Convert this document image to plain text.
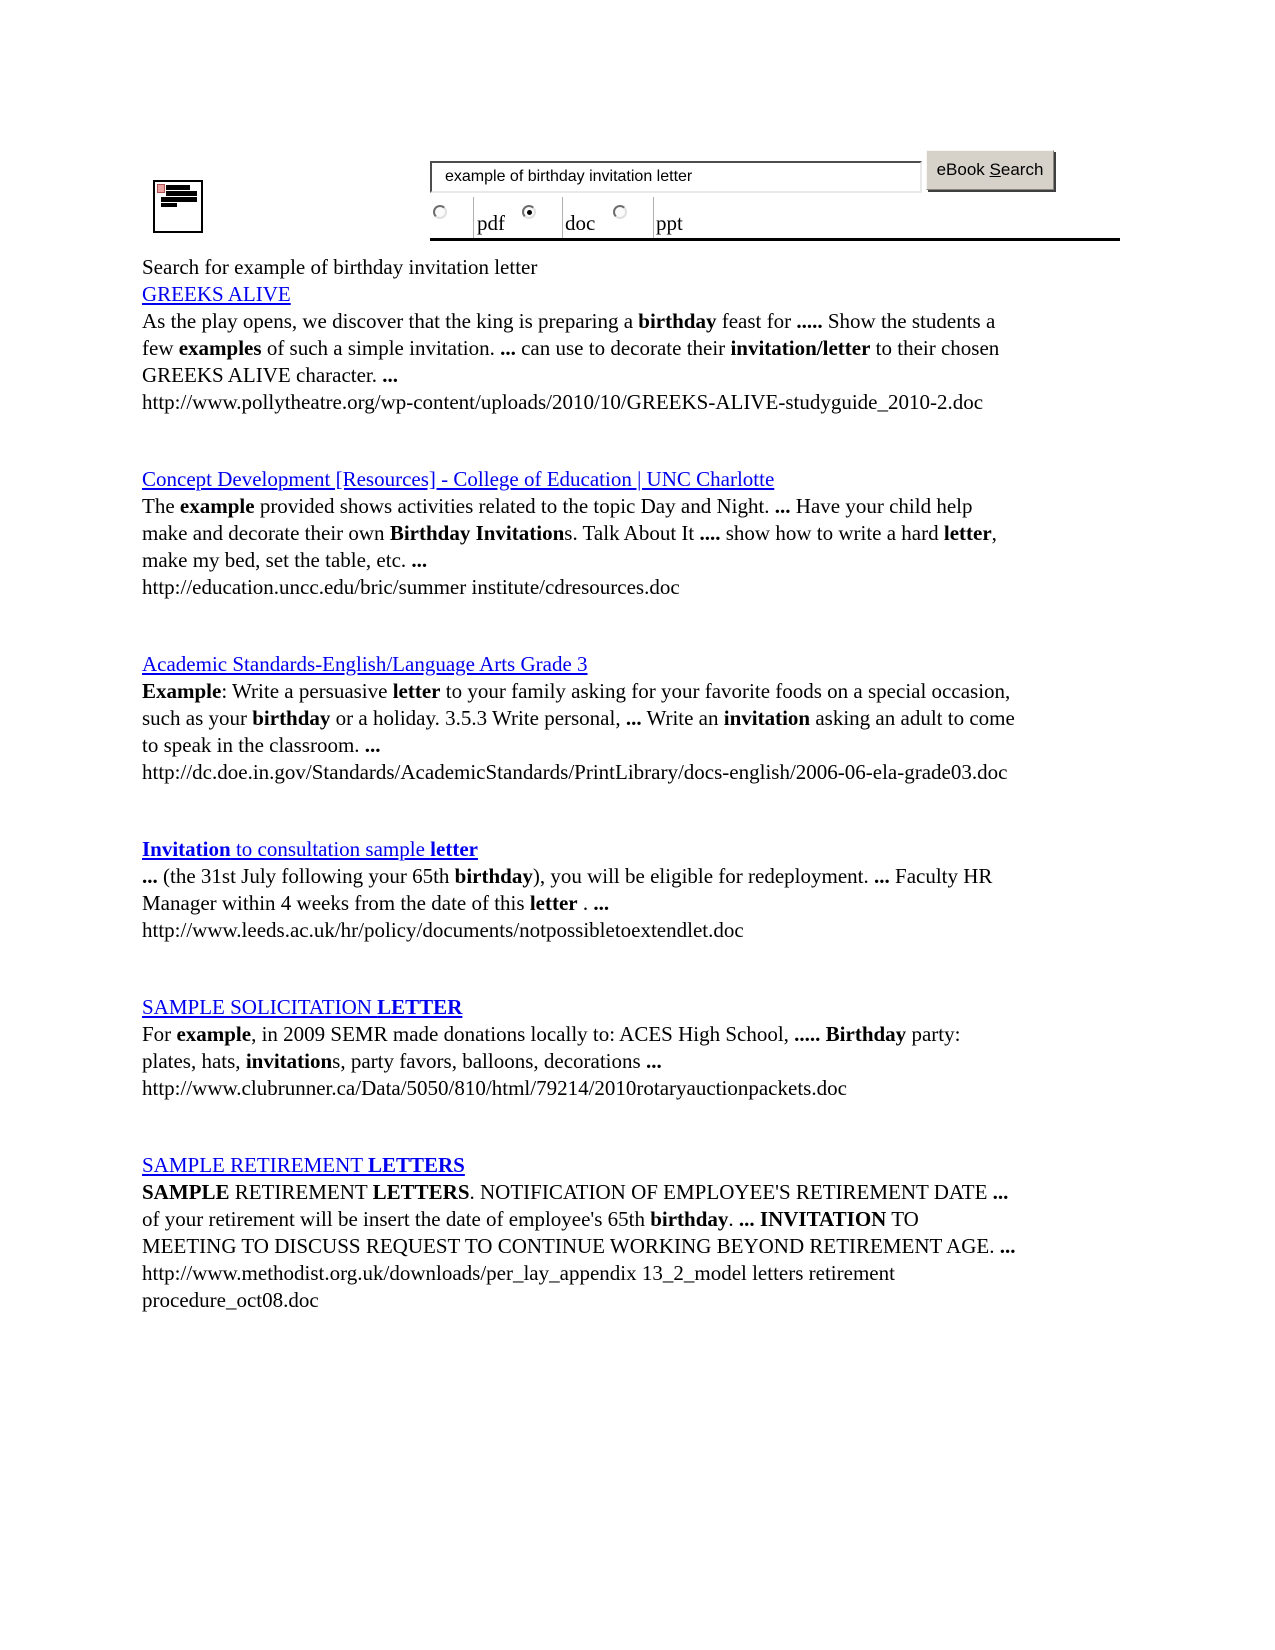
example of birthday invitation letter
eBook Search
pdf	doc	ppt
Search for example of birthday invitation letter
GREEKS ALIVE
As the play opens, we discover that the king is preparing a birthday feast for ..... Show the students a few examples of such a simple invitation. ... can use to decorate their invitation/letter to their chosen GREEKS ALIVE character. ...
http://www.pollytheatre.org/wp-content/uploads/2010/10/GREEKS-ALIVE-studyguide_2010-2.doc
Concept Development [Resources] - College of Education | UNC Charlotte
The example provided shows activities related to the topic Day and Night. ... Have your child help make and decorate their own Birthday Invitations. Talk About It .... show how to write a hard letter, make my bed, set the table, etc. ...
http://education.uncc.edu/bric/summer institute/cdresources.doc
Academic Standards-English/Language Arts Grade 3
Example: Write a persuasive letter to your family asking for your favorite foods on a special occasion, such as your birthday or a holiday. 3.5.3 Write personal, ... Write an invitation asking an adult to come to speak in the classroom. ...
http://dc.doe.in.gov/Standards/AcademicStandards/PrintLibrary/docs-english/2006-06-ela-grade03.doc
Invitation to consultation sample letter
... (the 31st July following your 65th birthday), you will be eligible for redeployment. ... Faculty HR Manager within 4 weeks from the date of this letter . ...
http://www.leeds.ac.uk/hr/policy/documents/notpossibletoextendlet.doc
SAMPLE SOLICITATION LETTER
For example, in 2009 SEMR made donations locally to: ACES High School, ..... Birthday party: plates, hats, invitations, party favors, balloons, decorations ...
http://www.clubrunner.ca/Data/5050/810/html/79214/2010rotaryauctionpackets.doc
SAMPLE RETIREMENT LETTERS
SAMPLE RETIREMENT LETTERS. NOTIFICATION OF EMPLOYEE'S RETIREMENT DATE ... of your retirement will be insert the date of employee's 65th birthday. ... INVITATION TO MEETING TO DISCUSS REQUEST TO CONTINUE WORKING BEYOND RETIREMENT AGE. ...
http://www.methodist.org.uk/downloads/per_lay_appendix 13_2_model letters retirement procedure_oct08.doc
